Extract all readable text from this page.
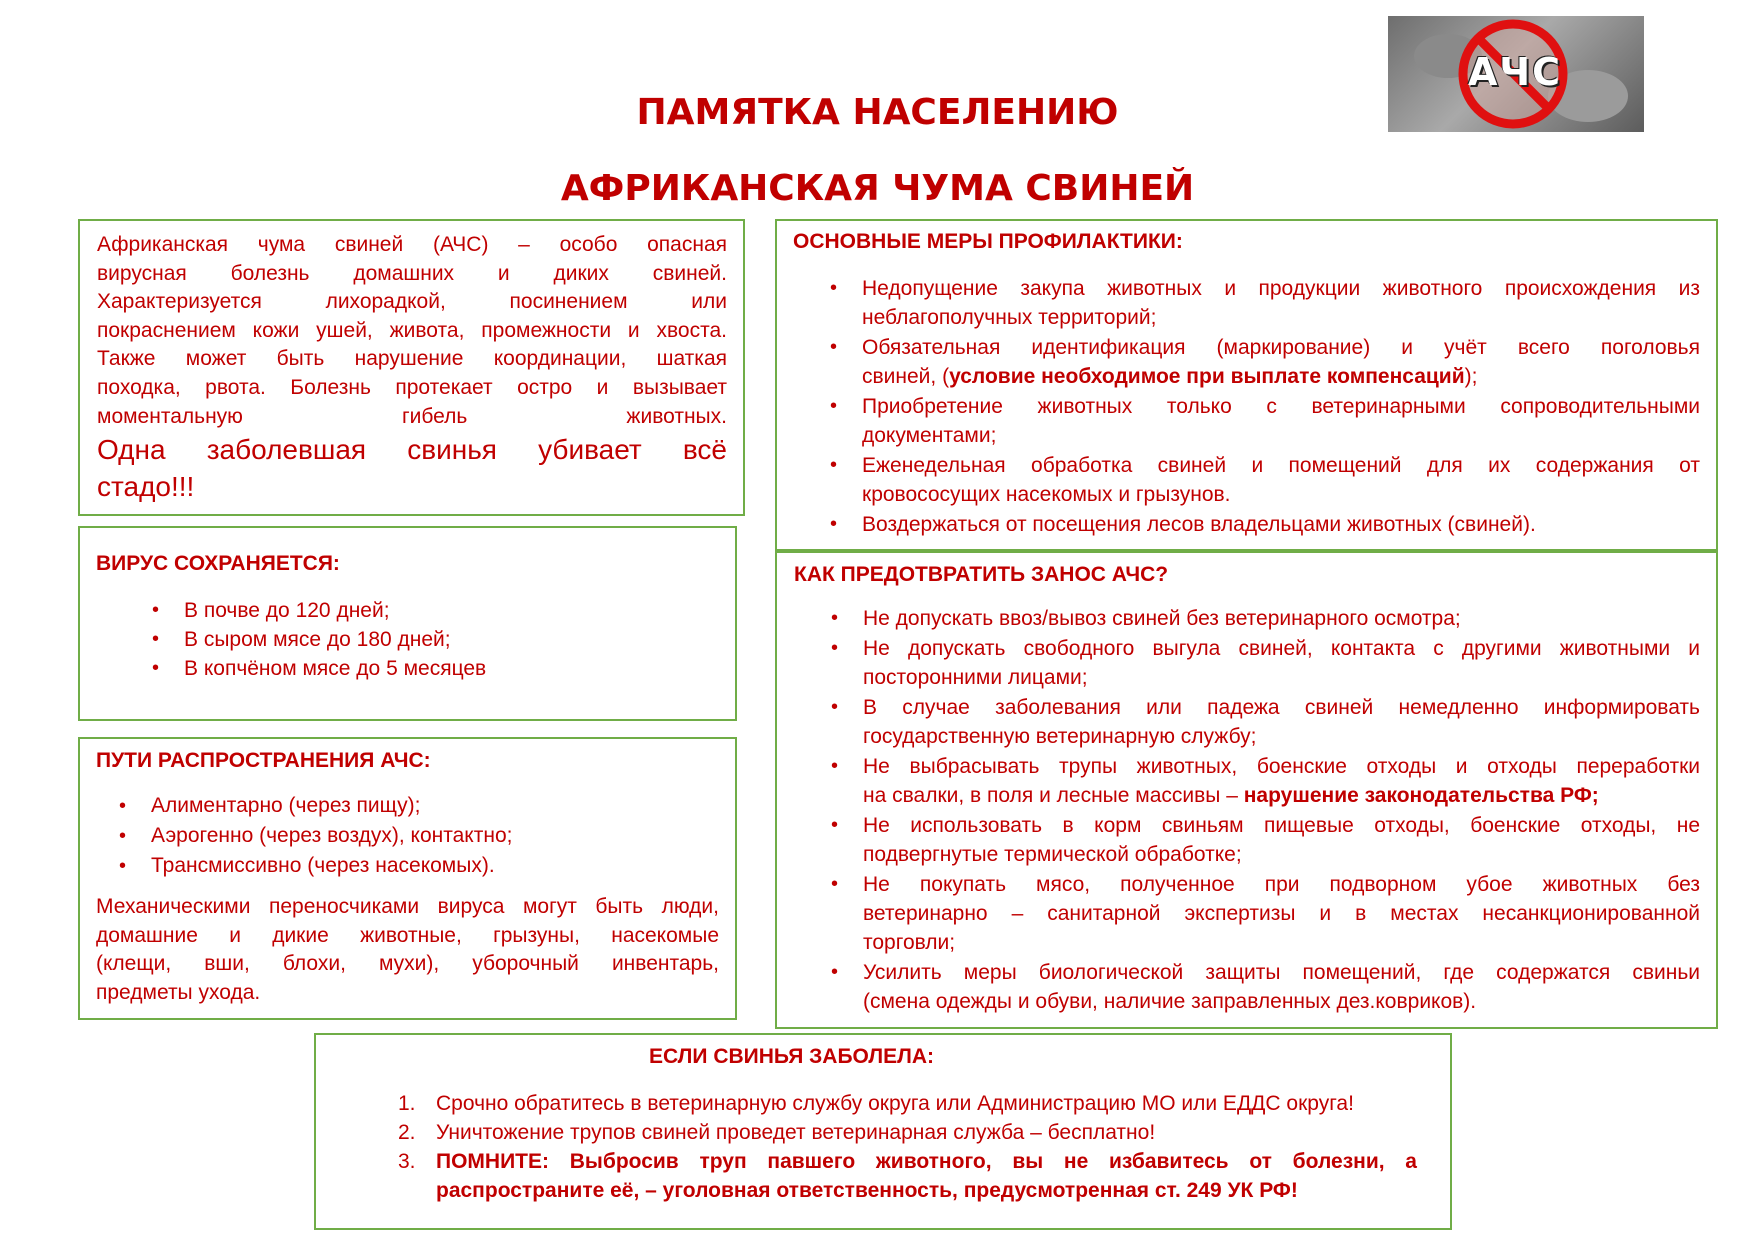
АЧС
ПАМЯТКА НАСЕЛЕНИЮ
АФРИКАНСКАЯ ЧУМА СВИНЕЙ

Африканская чума свиней (АЧС) – особо опасная

вирусная болезнь домашних и диких свиней.

Характеризуется лихорадкой, посинением или

покраснением кожи ушей, живота, промежности и хвоста.

Также может быть нарушение координации, шаткая

походка, рвота. Болезнь протекает остро и вызывает

моментальную гибель животных.

Одна заболевшая свинья убивает всё

стадо!!!

ВИРУС СОХРАНЯЕТСЯ:
• В почве до 120 дней;
• В сыром мясе до 180 дней;
• В копчёном мясе до 5 месяцев
ПУТИ РАСПРОСТРАНЕНИЯ АЧС:
• Алиментарно (через пищу);
• Аэрогенно (через воздух), контактно;
• Трансмиссивно (через насекомых).

Механическими переносчиками вируса могут быть люди,

домашние и дикие животные, грызуны, насекомые

(клещи, вши, блохи, мухи), уборочный инвентарь,

предметы ухода.

ОСНОВНЫЕ МЕРЫ ПРОФИЛАКТИКИ:
• Недопущение закупа животных и продукции животного происхождения из
неблагополучных территорий;
• Обязательная идентификация (маркирование) и учёт всего поголовья
свиней, (условие необходимое при выплате компенсаций);
• Приобретение животных только с ветеринарными сопроводительными
документами;
• Еженедельная обработка свиней и помещений для их содержания от
кровососущих насекомых и грызунов.
• Воздержаться от посещения лесов владельцами животных (свиней).
КАК ПРЕДОТВРАТИТЬ ЗАНОС АЧС?
• Не допускать ввоз/вывоз свиней без ветеринарного осмотра;
• Не допускать свободного выгула свиней, контакта с другими животными и
посторонними лицами;
• В случае заболевания или падежа свиней немедленно информировать
государственную ветеринарную службу;
• Не выбрасывать трупы животных, боенские отходы и отходы переработки
на свалки, в поля и лесные массивы – нарушение законодательства РФ;
• Не использовать в корм свиньям пищевые отходы, боенские отходы, не
подвергнутые термической обработке;
• Не покупать мясо, полученное при подворном убое животных без
ветеринарно – санитарной экспертизы и в местах несанкционированной
торговли;
• Усилить меры биологической защиты помещений, где содержатся свиньи
(смена одежды и обуви, наличие заправленных дез.ковриков).
ЕСЛИ СВИНЬЯ ЗАБОЛЕЛА:
1. Срочно обратитесь в ветеринарную службу округа или Администрацию МО или ЕДДС округа!
2. Уничтожение трупов свиней проведет ветеринарная служба – бесплатно!
3. ПОМНИТЕ: Выбросив труп павшего животного, вы не избавитесь от болезни, а
распространите её, – уголовная ответственность, предусмотренная ст. 249 УК РФ!
